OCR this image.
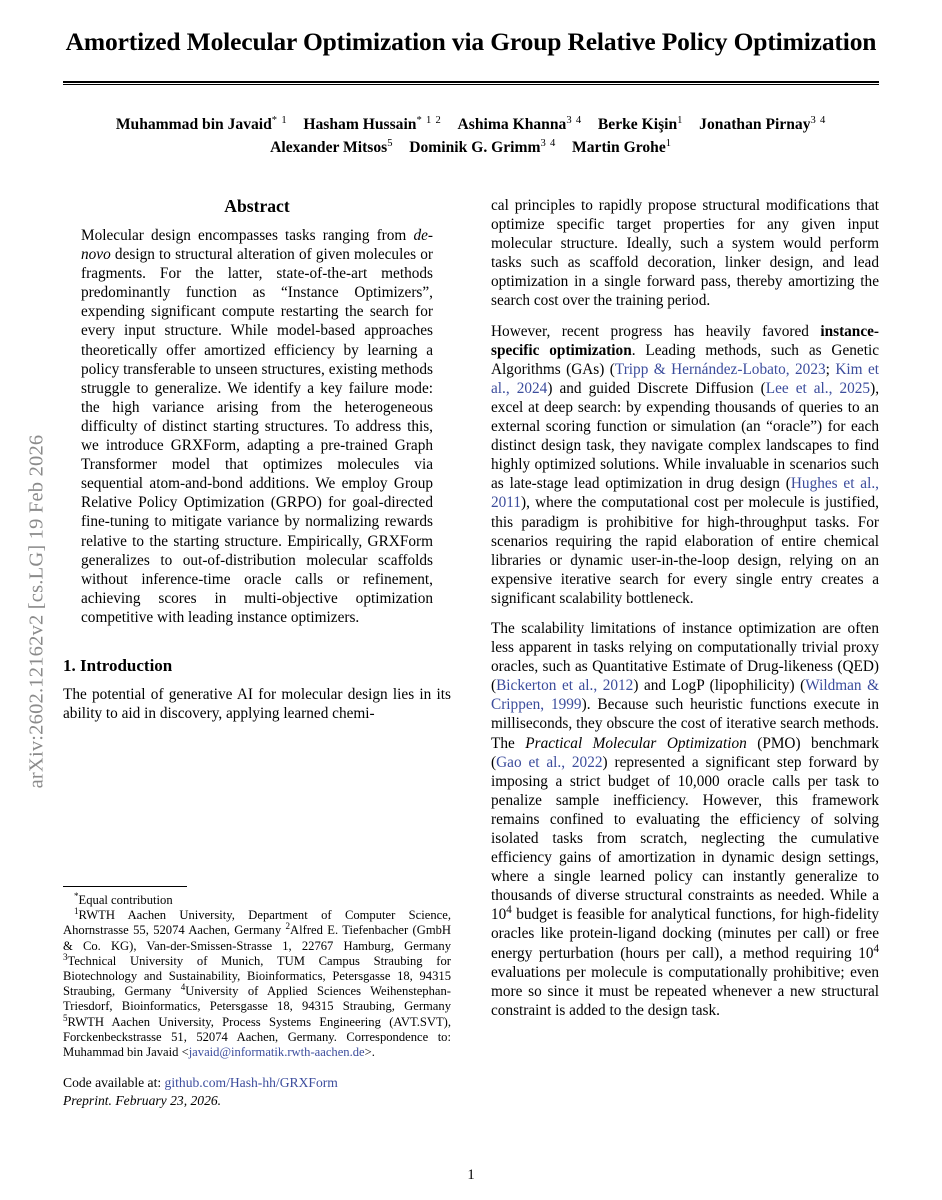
arXiv:2602.12162v2 [cs.LG] 19 Feb 2026
Amortized Molecular Optimization via Group Relative Policy Optimization
Muhammad bin Javaid$^{* 1}$ Hasham Hussain$^{* 1 2}$ Ashima Khanna$^{3 4}$ Berke Kişin$^1$ Jonathan Pirnay$^{3 4}$
Alexander Mitsos$^5$ Dominik G. Grimm$^{3 4}$ Martin Grohe$^1$
Abstract

Molecular design encompasses tasks ranging from de-novo design to structural alteration of given molecules or fragments. For the latter, state-of-the-art methods predominantly function as “Instance Optimizers”, expending significant compute restarting the search for every input structure. While model-based approaches theoretically offer amortized efficiency by learning a policy transferable to unseen structures, existing methods struggle to generalize. We identify a key failure mode: the high variance arising from the heterogeneous difficulty of distinct starting structures. To address this, we introduce GRXForm, adapting a pre-trained Graph Transformer model that optimizes molecules via sequential atom-and-bond additions. We employ Group Relative Policy Optimization (GRPO) for goal-directed fine-tuning to mitigate variance by normalizing rewards relative to the starting structure. Empirically, GRXForm generalizes to out-of-distribution molecular scaffolds without inference-time oracle calls or refinement, achieving scores in multi-objective optimization competitive with leading instance optimizers.

1. Introduction

The potential of generative AI for molecular design lies in its ability to aid in discovery, applying learned chemi-

*Equal contribution

$^1$RWTH Aachen University, Department of Computer Science, Ahornstrasse 55, 52074 Aachen, Germany $^2$Alfred E. Tiefenbacher (GmbH & Co. KG), Van-der-Smissen-Strasse 1, 22767 Hamburg, Germany $^3$Technical University of Munich, TUM Campus Straubing for Biotechnology and Sustainability, Bioinformatics, Petersgasse 18, 94315 Straubing, Germany $^4$University of Applied Sciences Weihenstephan-Triesdorf, Bioinformatics, Petersgasse 18, 94315 Straubing, Germany $^5$RWTH Aachen University, Process Systems Engineering (AVT.SVT), Forckenbeckstrasse 51, 52074 Aachen, Germany. Correspondence to: Muhammad bin Javaid <javaid@informatik.rwth-aachen.de>.

Code available at: github.com/Hash-hh/GRXForm

Preprint. February 23, 2026.

cal principles to rapidly propose structural modifications that optimize specific target properties for any given input molecular structure. Ideally, such a system would perform tasks such as scaffold decoration, linker design, and lead optimization in a single forward pass, thereby amortizing the search cost over the training period.

However, recent progress has heavily favored instance-specific optimization. Leading methods, such as Genetic Algorithms (GAs) (Tripp & Hernández-Lobato, 2023; Kim et al., 2024) and guided Discrete Diffusion (Lee et al., 2025), excel at deep search: by expending thousands of queries to an external scoring function or simulation (an “oracle”) for each distinct design task, they navigate complex landscapes to find highly optimized solutions. While invaluable in scenarios such as late-stage lead optimization in drug design (Hughes et al., 2011), where the computational cost per molecule is justified, this paradigm is prohibitive for high-throughput tasks. For scenarios requiring the rapid elaboration of entire chemical libraries or dynamic user-in-the-loop design, relying on an expensive iterative search for every single entry creates a significant scalability bottleneck.

The scalability limitations of instance optimization are often less apparent in tasks relying on computationally trivial proxy oracles, such as Quantitative Estimate of Drug-likeness (QED) (Bickerton et al., 2012) and LogP (lipophilicity) (Wildman & Crippen, 1999). Because such heuristic functions execute in milliseconds, they obscure the cost of iterative search methods. The Practical Molecular Optimization (PMO) benchmark (Gao et al., 2022) represented a significant step forward by imposing a strict budget of 10,000 oracle calls per task to penalize sample inefficiency. However, this framework remains confined to evaluating the efficiency of solving isolated tasks from scratch, neglecting the cumulative efficiency gains of amortization in dynamic design settings, where a single learned policy can instantly generalize to thousands of diverse structural constraints as needed. While a $10^4$ budget is feasible for analytical functions, for high-fidelity oracles like protein-ligand docking (minutes per call) or free energy perturbation (hours per call), a method requiring $10^4$ evaluations per molecule is computationally prohibitive; even more so since it must be repeated whenever a new structural constraint is added to the design task.

1
